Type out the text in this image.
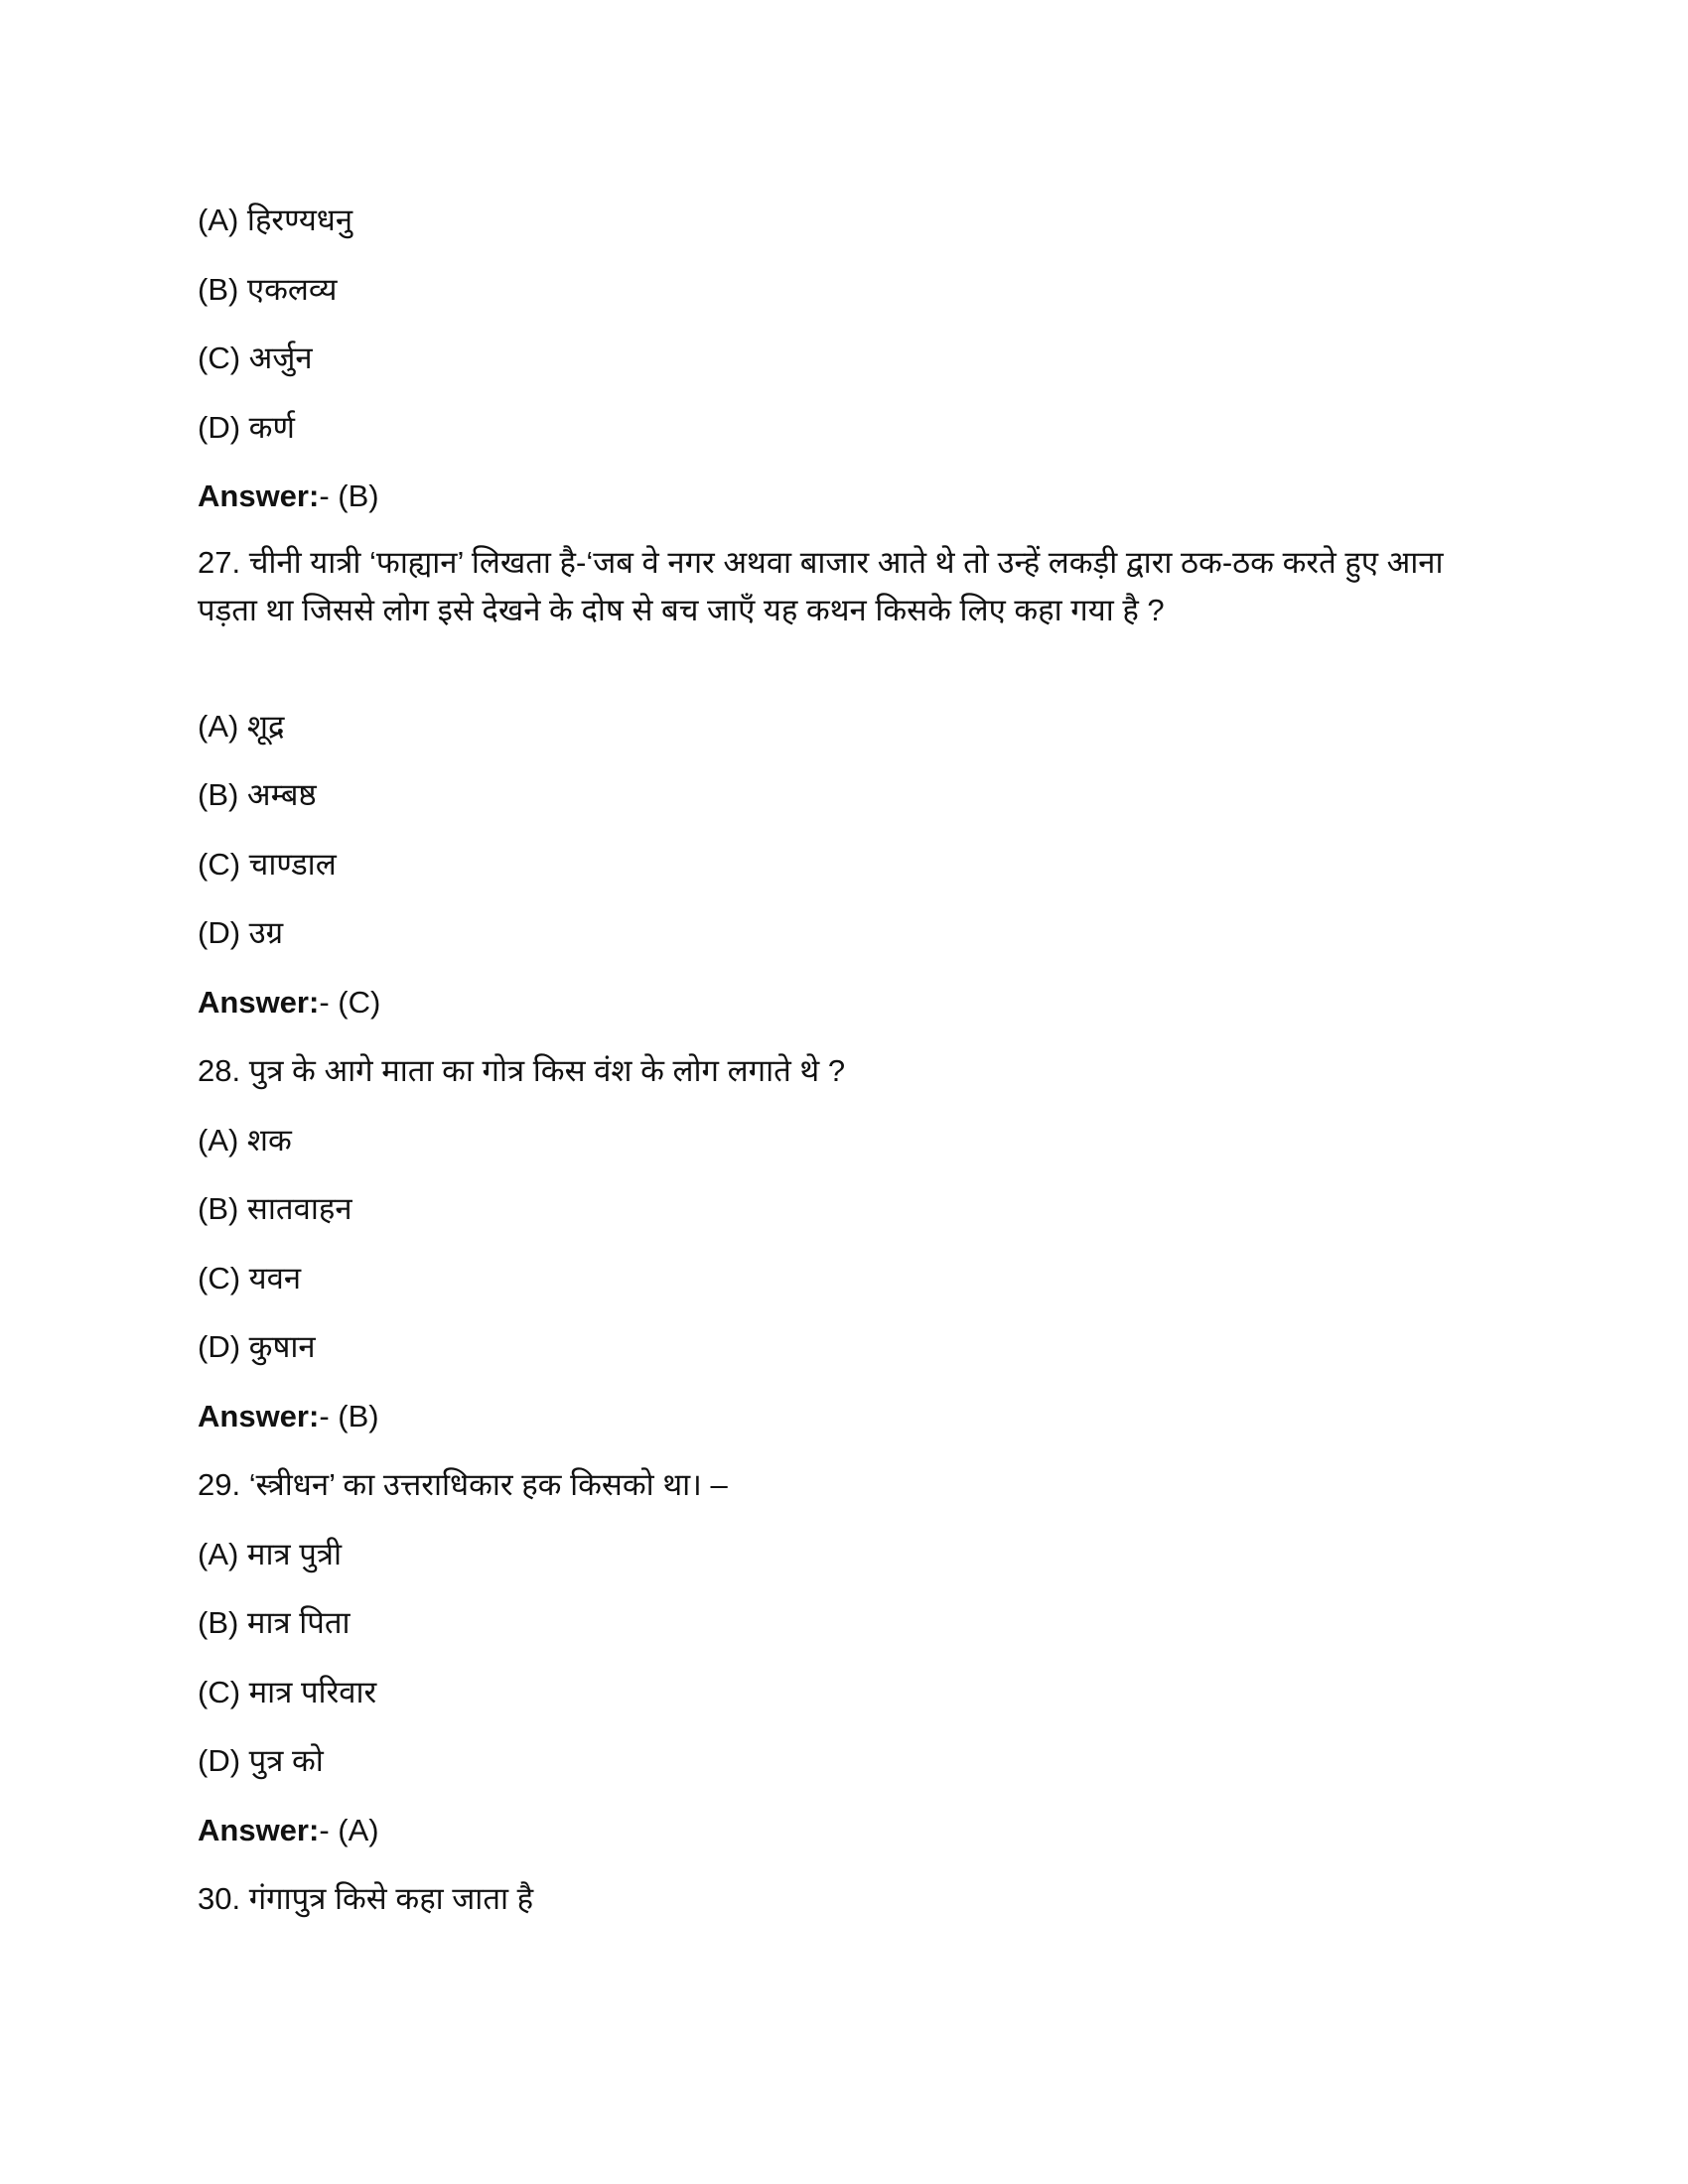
(A) हिरण्यधनु
(B) एकलव्य
(C) अर्जुन
(D) कर्ण
Answer:- (B)
27. चीनी यात्री ‘फाह्यान’ लिखता है-‘जब वे नगर अथवा बाजार आते थे तो उन्हें लकड़ी द्वारा ठक-ठक करते हुए आना पड़ता था जिससे लोग इसे देखने के दोष से बच जाएँ यह कथन किसके लिए कहा गया है ?
(A) शूद्र
(B) अम्बष्ठ
(C) चाण्डाल
(D) उग्र
Answer:- (C)
28. पुत्र के आगे माता का गोत्र किस वंश के लोग लगाते थे ?
(A) शक
(B) सातवाहन
(C) यवन
(D) कुषान
Answer:- (B)
29. ‘स्त्रीधन’ का उत्तराधिकार हक किसको था। –
(A) मात्र पुत्री
(B) मात्र पिता
(C) मात्र परिवार
(D) पुत्र को
Answer:- (A)
30. गंगापुत्र किसे कहा जाता है
